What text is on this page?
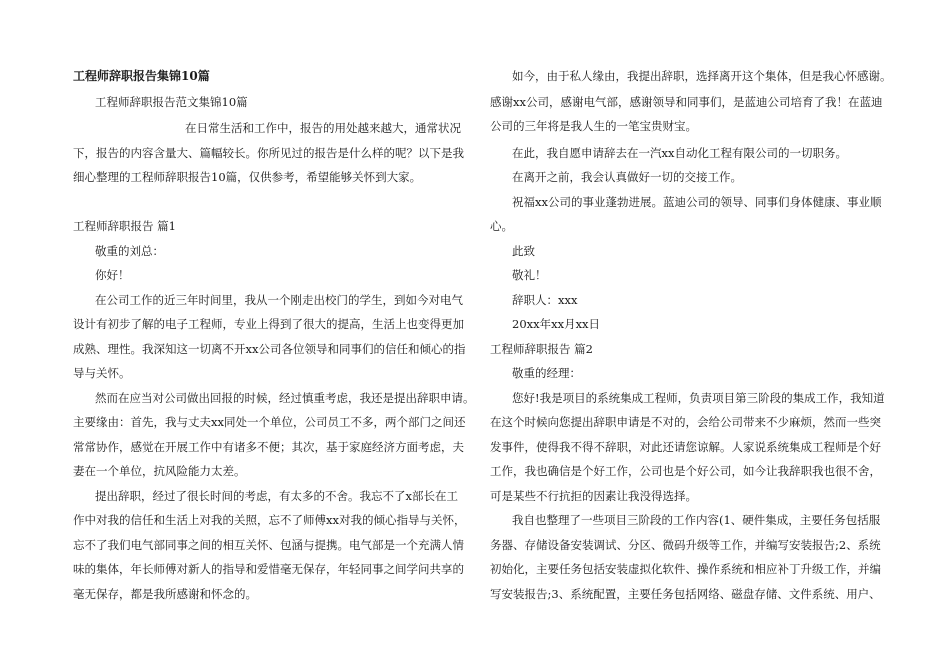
工程师辞职报告集锦10篇
工程师辞职报告范文集锦10篇
在日常生活和工作中，报告的用处越来越大，通常状况
下，报告的内容含量大、篇幅较长。你所见过的报告是什么样的呢？以下是我
细心整理的工程师辞职报告10篇，仅供参考，希望能够关怀到大家。
工程师辞职报告 篇1
敬重的刘总：
你好！
在公司工作的近三年时间里，我从一个刚走出校门的学生，到如今对电气
设计有初步了解的电子工程师，专业上得到了很大的提高，生活上也变得更加
成熟、理性。我深知这一切离不开xx公司各位领导和同事们的信任和倾心的指
导与关怀。
然而在应当对公司做出回报的时候，经过慎重考虑，我还是提出辞职申请。
主要缘由：首先，我与丈夫xx同处一个单位，公司员工不多，两个部门之间还
常常协作，感觉在开展工作中有诸多不便；其次，基于家庭经济方面考虑，夫
妻在一个单位，抗风险能力太差。
提出辞职，经过了很长时间的考虑，有太多的不舍。我忘不了x部长在工
作中对我的信任和生活上对我的关照，忘不了师傅xx对我的倾心指导与关怀，
忘不了我们电气部同事之间的相互关怀、包涵与提携。电气部是一个充满人情
味的集体，年长师傅对新人的指导和爱惜毫无保存，年轻同事之间学问共享的
毫无保存，都是我所感谢和怀念的。
如今，由于私人缘由，我提出辞职，选择离开这个集体，但是我心怀感谢。
感谢xx公司，感谢电气部，感谢领导和同事们，是蓝迪公司培育了我！在蓝迪
公司的三年将是我人生的一笔宝贵财宝。
在此，我自愿申请辞去在一汽xx自动化工程有限公司的一切职务。
在离开之前，我会认真做好一切的交接工作。
祝福xx公司的事业蓬勃进展。蓝迪公司的领导、同事们身体健康、事业顺
心。
此致
敬礼！
辞职人：xxx
20xx年xx月xx日
工程师辞职报告 篇2
敬重的经理：
您好!我是项目的系统集成工程师，负责项目第三阶段的集成工作，我知道
在这个时候向您提出辞职申请是不对的，会给公司带来不少麻烦，然而一些突
发事件，使得我不得不辞职，对此还请您谅解。人家说系统集成工程师是个好
工作，我也确信是个好工作，公司也是个好公司，如今让我辞职我也很不舍，
可是某些不行抗拒的因素让我没得选择。
我自也整理了一些项目三阶段的工作内容(1、硬件集成，主要任务包括服
务器、存储设备安装调试、分区、微码升级等工作，并编写安装报告;2、系统
初始化，主要任务包括安装虚拟化软件、操作系统和相应补丁升级工作，并编
写安装报告;3、系统配置，主要任务包括网络、磁盘存储、文件系统、用户、
